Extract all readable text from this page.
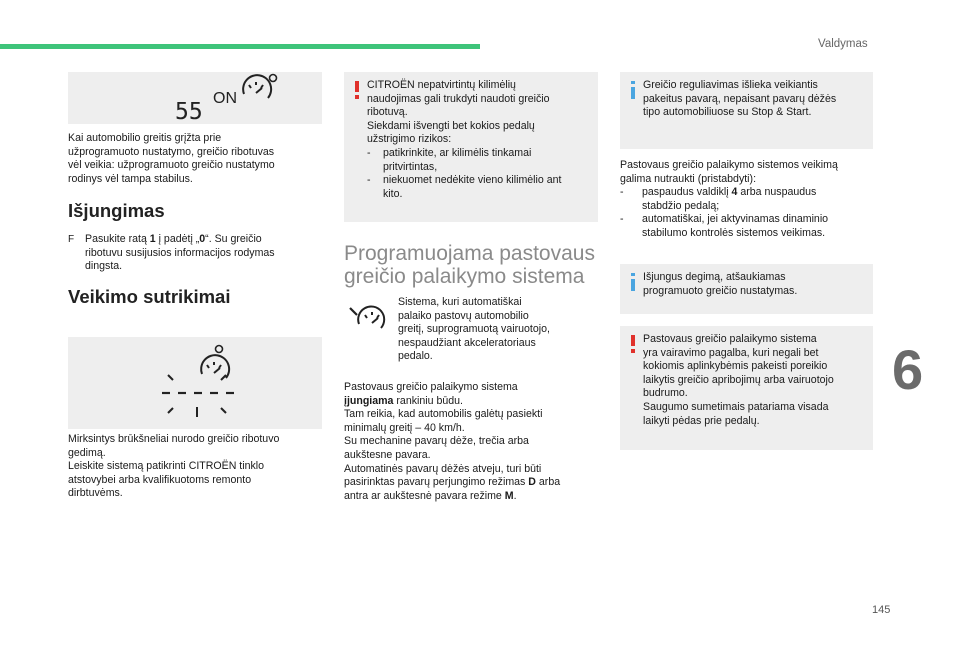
Valdymas
6
145
55
ON
Kai automobilio greitis grįžta prie
užprogramuoto nustatymo, greičio ribotuvas
vėl veikia: užprogramuoto greičio nustatymo
rodinys vėl tampa stabilus.
Išjungimas
F Pasukite ratą 1 į padėtį „0“. Su greičio
ribotuvu susijusios informacijos rodymas
dingsta.
Veikimo sutrikimai
Mirksintys brūkšneliai nurodo greičio ribotuvo
gedimą.
Leiskite sistemą patikrinti CITROËN tinklo
atstovybei arba kvalifikuotoms remonto
dirbtuvėms.
CITROËN nepatvirtintų kilimėlių
naudojimas gali trukdyti naudoti greičio
ribotuvą.
Siekdami išvengti bet kokios pedalų
užstrigimo rizikos:
- patikrinkite, ar kilimėlis tinkamai
pritvirtintas,
- niekuomet nedėkite vieno kilimėlio ant
kito.
Programuojama pastovaus
greičio palaikymo sistema
Sistema, kuri automatiškai
palaiko pastovų automobilio
greitį, suprogramuotą vairuotojo,
nespaudžiant akceleratoriaus
pedalo.
Pastovaus greičio palaikymo sistema
įjungiama rankiniu būdu.
Tam reikia, kad automobilis galėtų pasiekti
minimalų greitį – 40 km/h.
Su mechanine pavarų dėže, trečia arba
aukštesne pavara.
Automatinės pavarų dėžės atveju, turi būti
pasirinktas pavarų perjungimo režimas D arba
antra ar aukštesnė pavara režime M.
Greičio reguliavimas išlieka veikiantis
pakeitus pavarą, nepaisant pavarų dėžės
tipo automobiliuose su Stop & Start.
Pastovaus greičio palaikymo sistemos veikimą
galima nutraukti (pristabdyti):
- paspaudus valdiklį 4 arba nuspaudus
stabdžio pedalą;
- automatiškai, jei aktyvinamas dinaminio
stabilumo kontrolės sistemos veikimas.
Išjungus degimą, atšaukiamas
programuoto greičio nustatymas.
Pastovaus greičio palaikymo sistema
yra vairavimo pagalba, kuri negali bet
kokiomis aplinkybėmis pakeisti poreikio
laikytis greičio apribojimų arba vairuotojo
budrumo.
Saugumo sumetimais patariama visada
laikyti pėdas prie pedalų.
